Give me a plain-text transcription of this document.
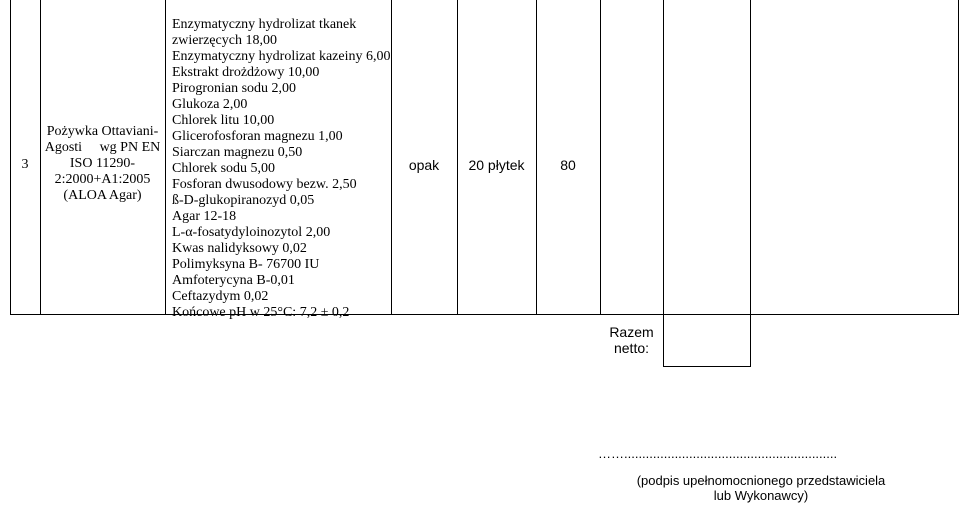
3
Pożywka Ottaviani-
Agosti     wg PN EN
ISO 11290-
2:2000+A1:2005
(ALOA Agar)
Enzymatyczny hydrolizat tkanek
zwierzęcych 18,00
Enzymatyczny hydrolizat kazeiny 6,00
Ekstrakt drożdżowy 10,00
Pirogronian sodu 2,00
Glukoza 2,00
Chlorek litu 10,00
Glicerofosforan magnezu 1,00
Siarczan magnezu 0,50
Chlorek sodu 5,00
Fosforan dwusodowy bezw. 2,50
ß-D-glukopiranozyd 0,05
Agar 12-18
L-α-fosatydyloinozytol 2,00
Kwas nalidyksowy 0,02
Polimyksyna B- 76700 IU
Amfoterycyna B-0,01
Ceftazydym 0,02
Końcowe pH w 25°C: 7,2 ± 0,2
opak	20 płytek	80
Razem
netto:
……...........................................................
(podpis upełnomocnionego przedstawiciela
lub Wykonawcy)
